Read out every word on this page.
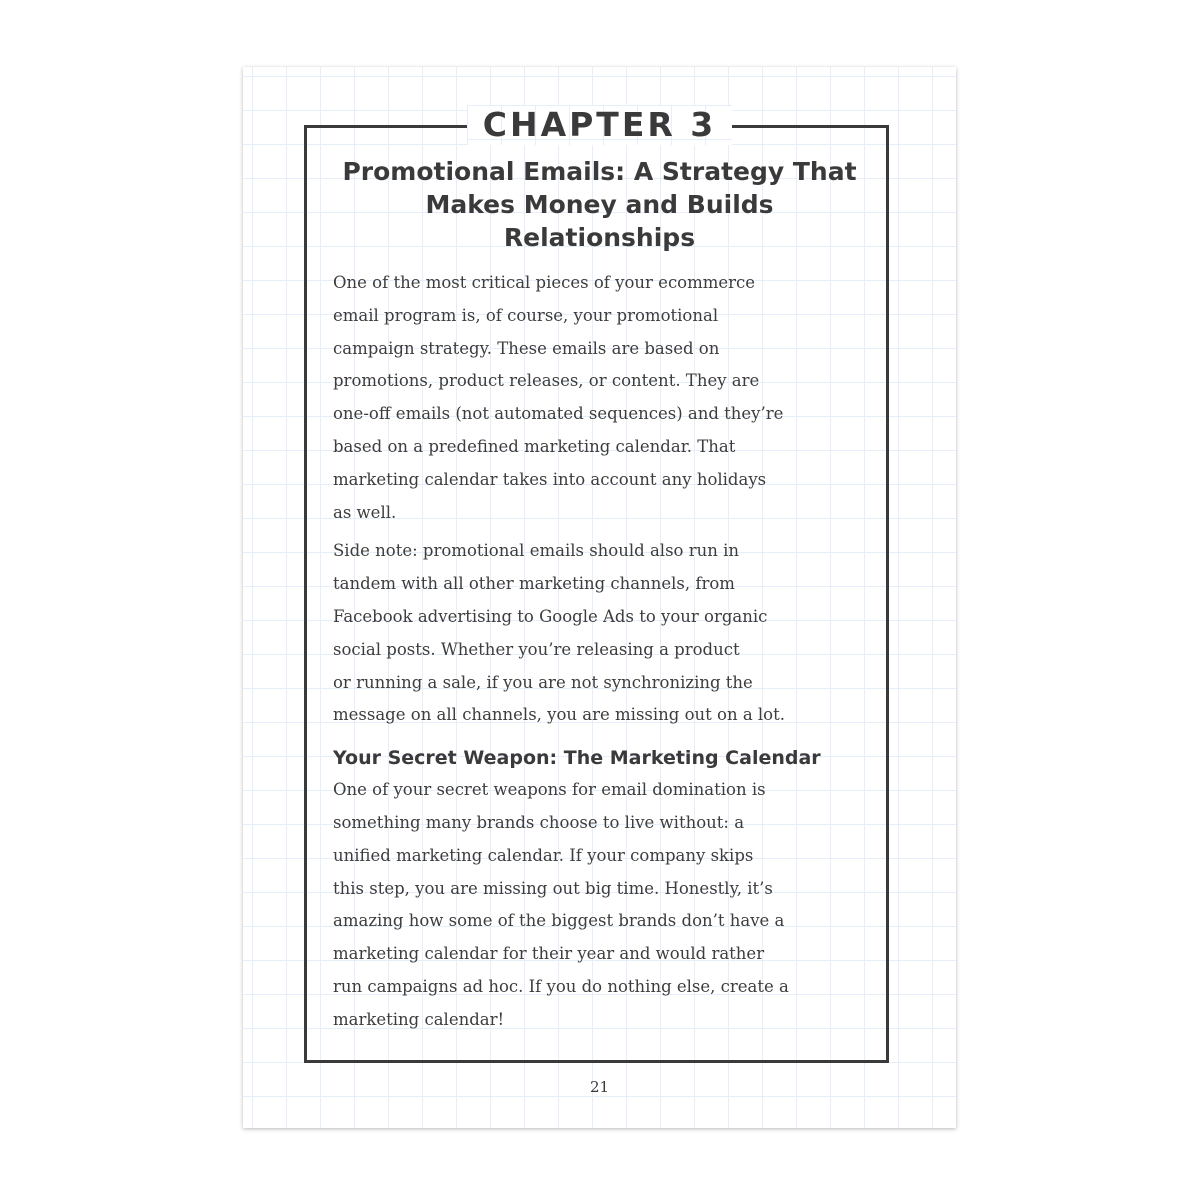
CHAPTER 3
Promotional Emails: A Strategy That Makes Money and Builds Relationships

One of the most critical pieces of your ecommerce
email program is, of course, your promotional
campaign strategy. These emails are based on
promotions, product releases, or content. They are
one-off emails (not automated sequences) and they’re
based on a predefined marketing calendar. That
marketing calendar takes into account any holidays
as well.

Side note: promotional emails should also run in
tandem with all other marketing channels, from
Facebook advertising to Google Ads to your organic
social posts. Whether you’re releasing a product
or running a sale, if you are not synchronizing the
message on all channels, you are missing out on a lot.

Your Secret Weapon: The Marketing Calendar

One of your secret weapons for email domination is
something many brands choose to live without: a
unified marketing calendar. If your company skips
this step, you are missing out big time. Honestly, it’s
amazing how some of the biggest brands don’t have a
marketing calendar for their year and would rather
run campaigns ad hoc. If you do nothing else, create a
marketing calendar!

21
